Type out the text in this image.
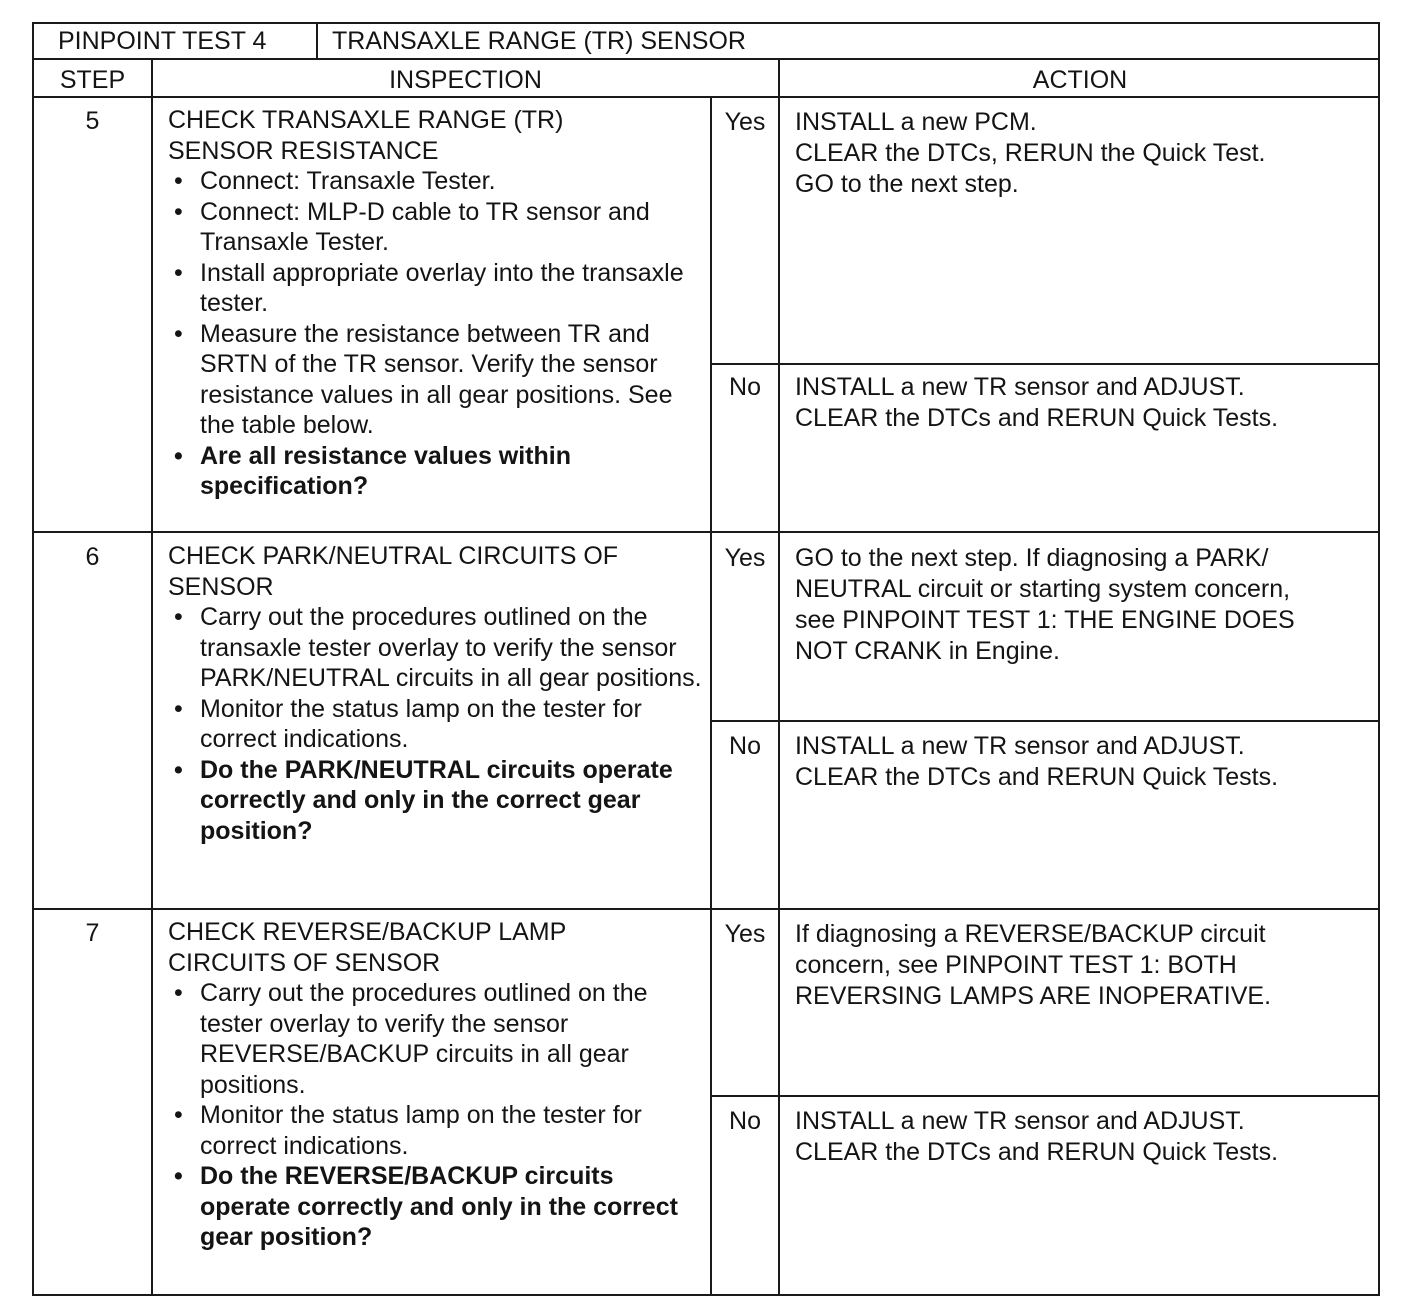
PINPOINT TEST 4	TRANSAXLE RANGE (TR) SENSOR
STEP	INSPECTION	ACTION
5	CHECK TRANSAXLE RANGE (TR)
SENSOR RESISTANCE
• Connect: Transaxle Tester.
• Connect: MLP-D cable to TR sensor and Transaxle Tester.
• Install appropriate overlay into the transaxle tester.
• Measure the resistance between TR and SRTN of the TR sensor. Verify the sensor resistance values in all gear positions. See the table below.
• Are all resistance values within specification?
Yes	INSTALL a new PCM.
CLEAR the DTCs, RERUN the Quick Test.
GO to the next step.
No	INSTALL a new TR sensor and ADJUST.
CLEAR the DTCs and RERUN Quick Tests.
6	CHECK PARK/NEUTRAL CIRCUITS OF
SENSOR
• Carry out the procedures outlined on the transaxle tester overlay to verify the sensor PARK/NEUTRAL circuits in all gear positions.
• Monitor the status lamp on the tester for correct indications.
• Do the PARK/NEUTRAL circuits operate correctly and only in the correct gear position?
Yes	GO to the next step. If diagnosing a PARK/
NEUTRAL circuit or starting system concern,
see PINPOINT TEST 1: THE ENGINE DOES
NOT CRANK in Engine.
No	INSTALL a new TR sensor and ADJUST.
CLEAR the DTCs and RERUN Quick Tests.
7	CHECK REVERSE/BACKUP LAMP
CIRCUITS OF SENSOR
• Carry out the procedures outlined on the tester overlay to verify the sensor REVERSE/BACKUP circuits in all gear positions.
• Monitor the status lamp on the tester for correct indications.
• Do the REVERSE/BACKUP circuits operate correctly and only in the correct gear position?
Yes	If diagnosing a REVERSE/BACKUP circuit
concern, see PINPOINT TEST 1: BOTH
REVERSING LAMPS ARE INOPERATIVE.
No	INSTALL a new TR sensor and ADJUST.
CLEAR the DTCs and RERUN Quick Tests.
